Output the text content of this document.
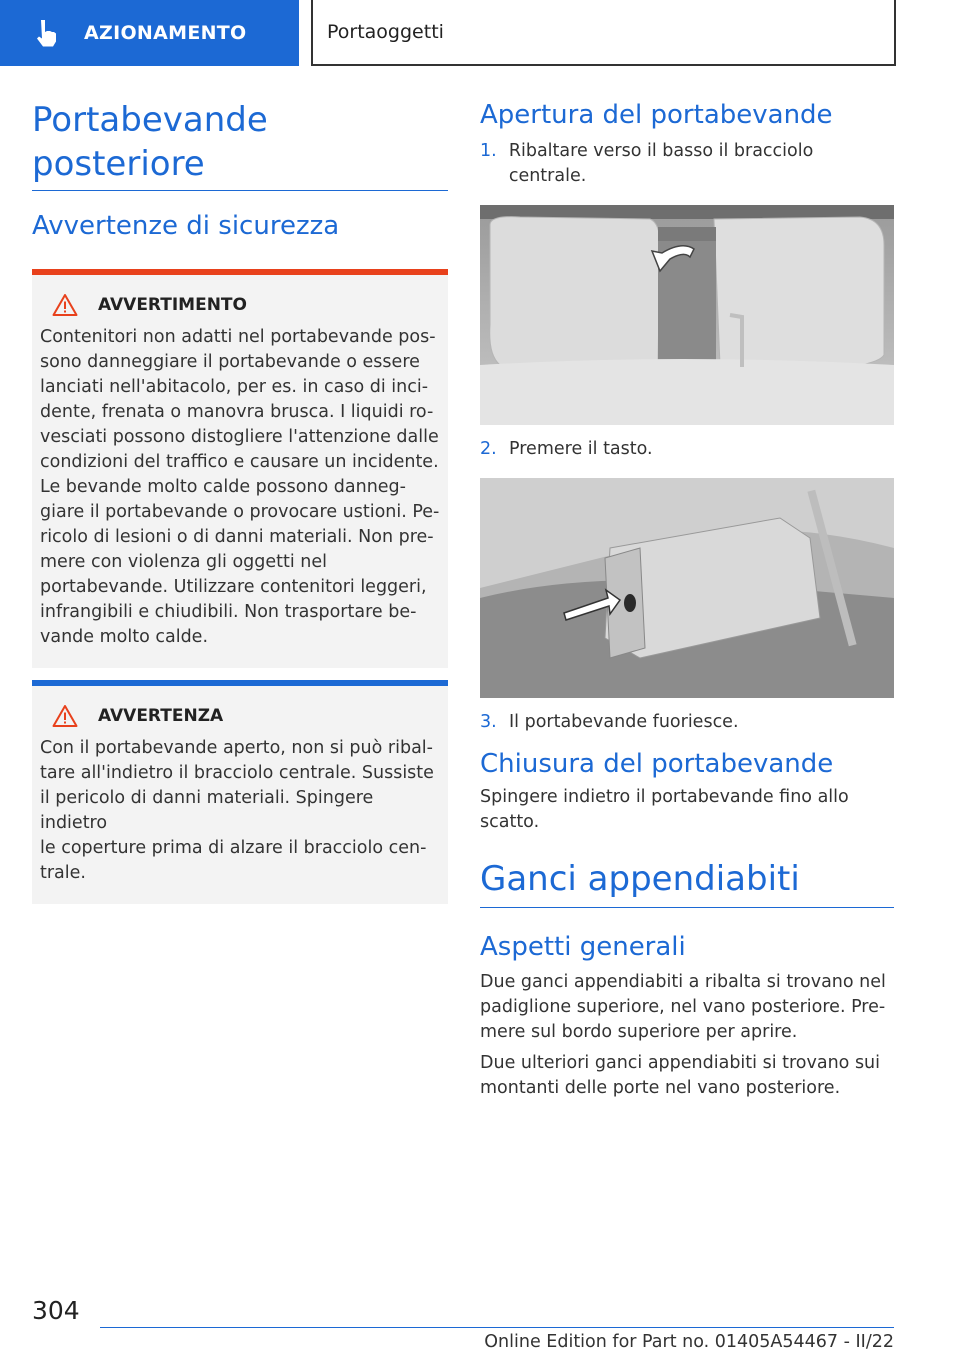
AZIONAMENTO	Portaoggetti
Portabevande posteriore
Avvertenze di sicurezza
AVVERTIMENTO
Contenitori non adatti nel portabevande pos-
sono danneggiare il portabevande o essere
lanciati nell'abitacolo, per es. in caso di inci-
dente, frenata o manovra brusca. I liquidi ro-
vesciati possono distogliere l'attenzione dalle
condizioni del traffico e causare un incidente.
Le bevande molto calde possono danneg-
giare il portabevande o provocare ustioni. Pe-
ricolo di lesioni o di danni materiali. Non pre-
mere con violenza gli oggetti nel
portabevande. Utilizzare contenitori leggeri,
infrangibili e chiudibili. Non trasportare be-
vande molto calde.
AVVERTENZA
Con il portabevande aperto, non si può ribal-
tare all'indietro il bracciolo centrale. Sussiste
il pericolo di danni materiali. Spingere indietro
le coperture prima di alzare il bracciolo cen-
trale.
Apertura del portabevande
1. Ribaltare verso il basso il bracciolo centrale.
2. Premere il tasto.
3. Il portabevande fuoriesce.
Chiusura del portabevande
Spingere indietro il portabevande fino allo
scatto.
Ganci appendiabiti
Aspetti generali
Due ganci appendiabiti a ribalta si trovano nel
padiglione superiore, nel vano posteriore. Pre-
mere sul bordo superiore per aprire.
Due ulteriori ganci appendiabiti si trovano sui
montanti delle porte nel vano posteriore.
304
Online Edition for Part no. 01405A54467 - II/22
